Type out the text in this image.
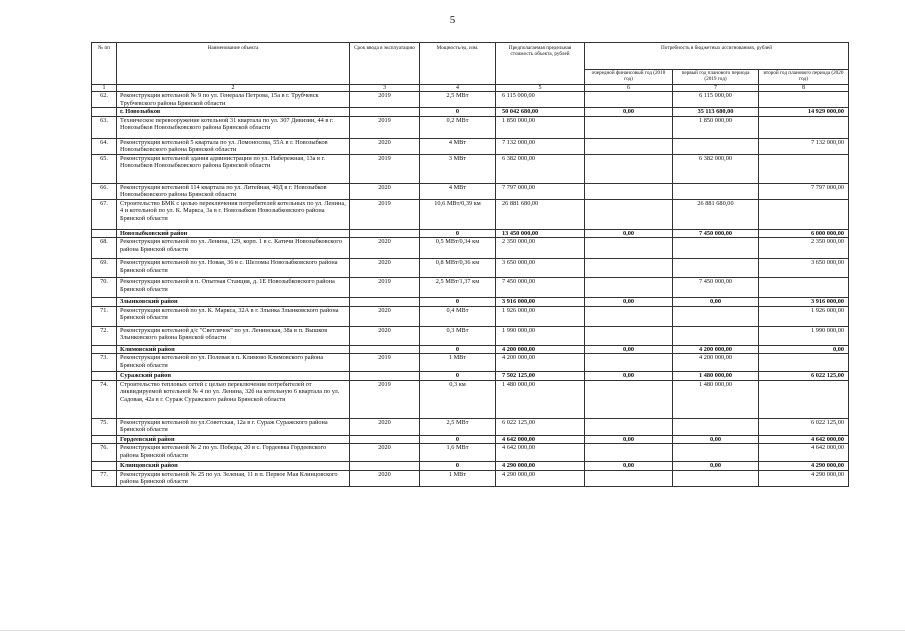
5
№ пп	Наименование объекта	Срок ввода в эксплуатацию	Мощность/ед. изм.	Предполагаемая предельная стоимость объекта, рублей	Потребность в бюджетных ассигнованиях, рублей		
					очередной финансовый год (2018 год)	первый год планового периода (2019 год)	второй год планового периода (2020 год)
1	2	3	4	5	6	7	8
62.	Реконструкция котельной № 9 по ул. Генерала Петрова, 15а в г. Трубчевск Трубчевского района Брянской области	2019	2,5 МВт	6 115 000,00		6 115 000,00	
	г. Новозыбков		0	50 042 680,00	0,00	35 113 680,00	14 929 000,00
63.	Техническое перевооружение котельной 31 квартала по ул. 307 Дивизии, 44 в г. Новозыбков Новозыбковского района Брянской области	2019	0,2 МВт	1 850 000,00		1 850 000,00	
64.	Реконструкция котельной 5 квартала по ул. Ломоносова, 55А в г. Новозыбков Новозыбковского района Брянской области	2020	4 МВт	7 132 000,00			7 132 000,00
65.	Реконструкция котельной здания администрации по ул. Набережная, 13а в г. Новозыбков Новозыбковского района Брянской области	2019	3 МВт	6 382 000,00		6 382 000,00	
66.	Реконструкция котельной 114 квартала по ул. Литейная, 40Д в г. Новозыбков Новозыбковского района Брянской области	2020	4 МВт	7 797 000,00			7 797 000,00
67.	Строительство БМК с целью переключения потребителей котельных по ул. Ленина, 4 и котельной по ул. К. Маркса, 3а в г. Новозыбков Новозыбковского района Брянской области	2019	10,6 МВт/0,39 км	26 881 680,00		26 881 680,00	
	Новозыбковский район		0	13 450 000,00	0,00	7 450 000,00	6 000 000,00
68.	Реконструкция котельной по ул. Ленина, 129, корп. 1 в с. Катичи Новозыбковского района Брянской области	2020	0,5 МВт/0,34 км	2 350 000,00			2 350 000,00
69.	Реконструкция котельной по ул. Новая, 36 в с. Шеломы Новозыбковского района Брянской области	2020	0,8 МВт/0,36 км	3 650 000,00			3 650 000,00
70.	Реконструкция котельной в п. Опытная Станция, д. 1Е Новозыбковского района Брянской области	2019	2,5 МВт/1,37 км	7 450 000,00		7 450 000,00	
	Злынковский район		0	3 916 000,00	0,00	0,00	3 916 000,00
71.	Реконструкция котельной по ул. К. Маркса, 32А в г. Злынка Злынковского района Брянской области	2020	0,4 МВт	1 926 000,00			1 926 000,00
72.	Реконструкция котельной д/с "Светлячок" по ул. Ленинская, 38а в п. Вышков Злынковского района Брянской области	2020	0,3 МВт	1 990 000,00			1 990 000,00
	Климовский район		0	4 200 000,00	0,00	4 200 000,00	0,00
73.	Реконструкция котельной по ул. Полевая в п. Климово Климовского района Брянской области	2019	1 МВт	4 200 000,00		4 200 000,00	
	Суражский район		0	7 502 125,00	0,00	1 480 000,00	6 022 125,00
74.	Строительство тепловых сетей с целью переключения потребителей от ликвидируемой котельной № 4 по ул. Ленина, 32б на котельную 6 квартала по ул. Садовая, 42а в г. Сураж Суражского района Брянской области	2019	0,3 км	1 480 000,00		1 480 000,00	
75.	Реконструкция котельной по ул.Советская, 12а в г. Сураж Суражского района Брянской области	2020	2,5 МВт	6 022 125,00			6 022 125,00
	Гордеевский район		0	4 642 000,00	0,00	0,00	4 642 000,00
76.	Реконструкция котельной № 2 по ул. Победы, 20 в с. Гордеевка Гордеевского района Брянской области	2020	1,6 МВт	4 642 000,00			4 642 000,00
	Клинцовский район		0	4 290 000,00	0,00	0,00	4 290 000,00
77.	Реконструкция котельной № 25 по ул. Зеленая, 11 в п. Первое Мая Клинцовского района Брянской области	2020	1 МВт	4 290 000,00			4 290 000,00
